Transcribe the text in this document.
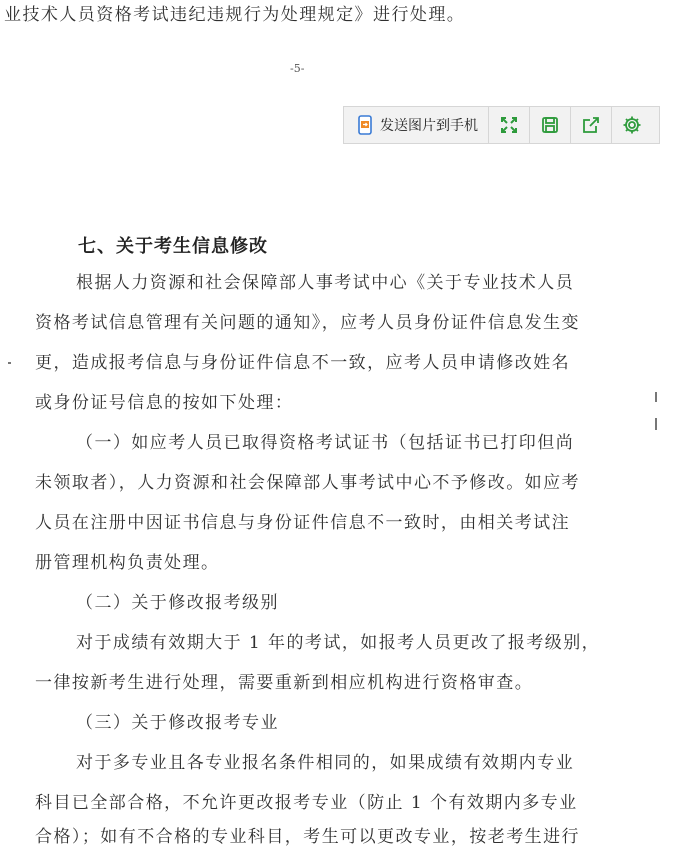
业技术人员资格考试违纪违规行为处理规定》进行处理。
-5-
发送图片到手机
七、关于考生信息修改
根据人力资源和社会保障部人事考试中心《关于专业技术人员
资格考试信息管理有关问题的通知》，应考人员身份证件信息发生变
更，造成报考信息与身份证件信息不一致，应考人员申请修改姓名
或身份证号信息的按如下处理：
（一）如应考人员已取得资格考试证书（包括证书已打印但尚
未领取者），人力资源和社会保障部人事考试中心不予修改。如应考
人员在注册中因证书信息与身份证件信息不一致时，由相关考试注
册管理机构负责处理。
（二）关于修改报考级别
对于成绩有效期大于 1 年的考试，如报考人员更改了报考级别，
一律按新考生进行处理，需要重新到相应机构进行资格审查。
（三）关于修改报考专业
对于多专业且各专业报名条件相同的，如果成绩有效期内专业
科目已全部合格，不允许更改报考专业（防止 1 个有效期内多专业
合格）；如有不合格的专业科目，考生可以更改专业，按老考生进行
